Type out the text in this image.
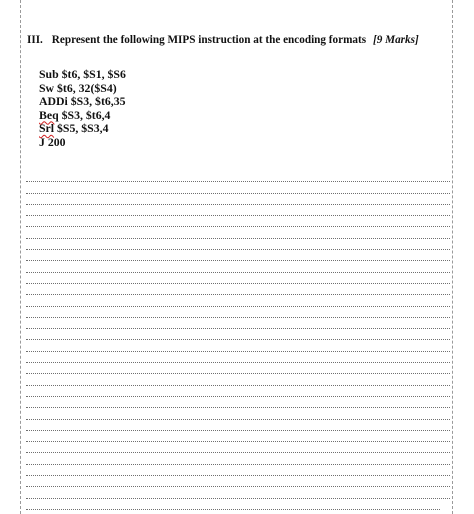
III. Represent the following MIPS instruction at the encoding formats [9 Marks]
Sub $t6, $S1, $S6
Sw $t6, 32($S4)
ADDi $S3, $t6,35
Beq $S3, $t6,4
Srl $S5, $S3,4
J 200
